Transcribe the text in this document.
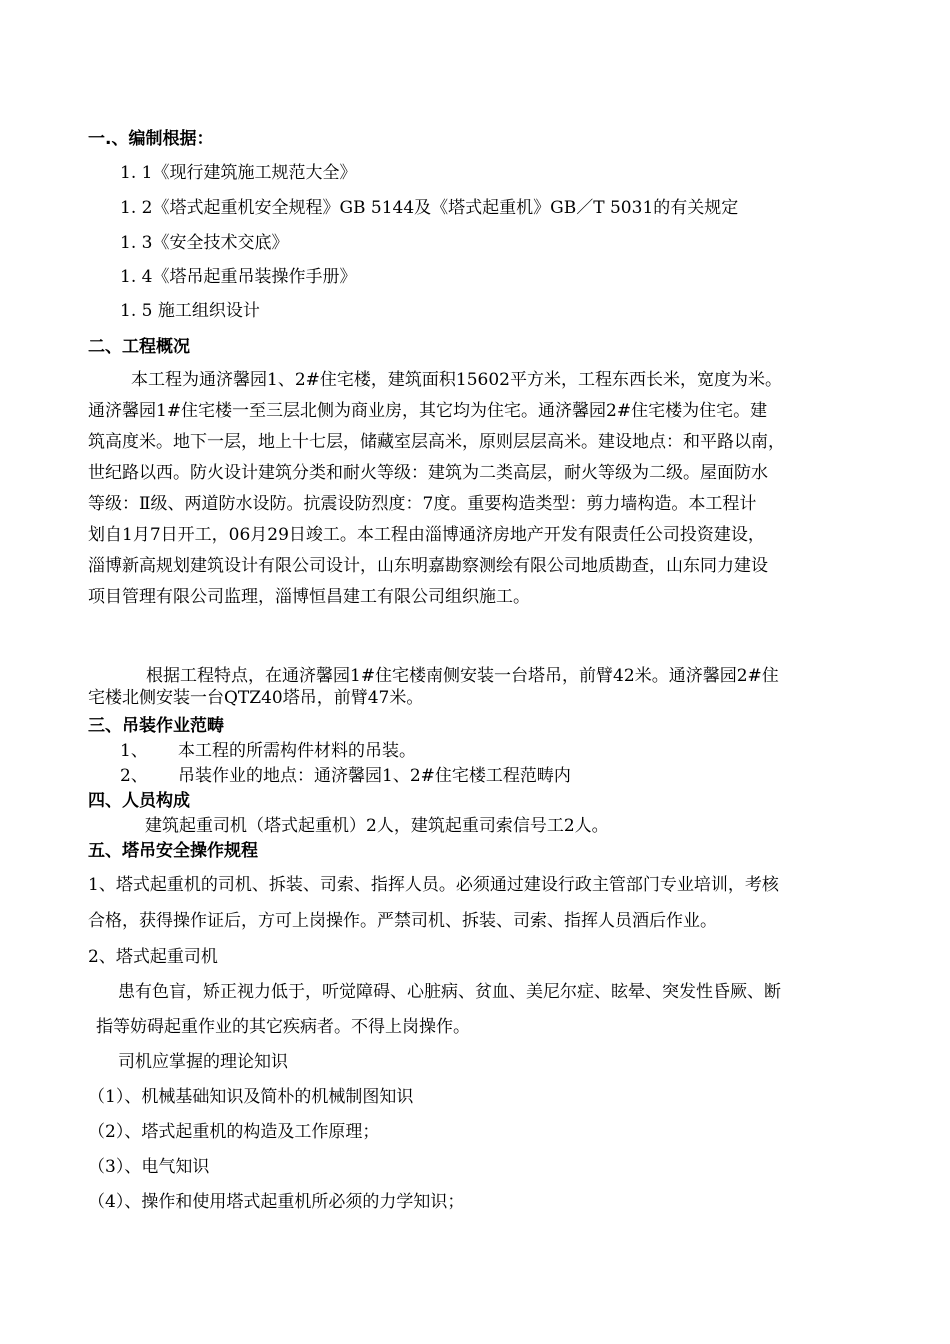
一.、编制根据：
1. 1《现行建筑施工规范大全》
1. 2《塔式起重机安全规程》GB 5144及《塔式起重机》GB／T 5031的有关规定
1. 3《安全技术交底》
1. 4《塔吊起重吊装操作手册》
1. 5 施工组织设计
二、工程概况
本工程为通济馨园1、2#住宅楼，建筑面积15602平方米，工程东西长米，宽度为米。
通济馨园1#住宅楼一至三层北侧为商业房，其它均为住宅。通济馨园2#住宅楼为住宅。建
筑高度米。地下一层，地上十七层，储藏室层高米，原则层层高米。建设地点：和平路以南，
世纪路以西。防火设计建筑分类和耐火等级：建筑为二类高层，耐火等级为二级。屋面防水
等级：Ⅱ级、两道防水设防。抗震设防烈度：7度。重要构造类型：剪力墙构造。本工程计
划自1月7日开工，06月29日竣工。本工程由淄博通济房地产开发有限责任公司投资建设，
淄博新高规划建筑设计有限公司设计，山东明嘉勘察测绘有限公司地质勘查，山东同力建设
项目管理有限公司监理，淄博恒昌建工有限公司组织施工。
根据工程特点，在通济馨园1#住宅楼南侧安装一台塔吊，前臂42米。通济馨园2#住
宅楼北侧安装一台QTZ40塔吊，前臂47米。
三、吊装作业范畴
1、 本工程的所需构件材料的吊装。
2、 吊装作业的地点：通济馨园1、2#住宅楼工程范畴内
四、人员构成
建筑起重司机（塔式起重机）2人，建筑起重司索信号工2人。
五、塔吊安全操作规程
1、塔式起重机的司机、拆装、司索、指挥人员。必须通过建设行政主管部门专业培训，考核
合格，获得操作证后，方可上岗操作。严禁司机、拆装、司索、指挥人员酒后作业。
2、塔式起重司机
患有色盲，矫正视力低于，听觉障碍、心脏病、贫血、美尼尔症、眩晕、突发性昏厥、断
指等妨碍起重作业的其它疾病者。不得上岗操作。
司机应掌握的理论知识
（1）、机械基础知识及简朴的机械制图知识
（2）、塔式起重机的构造及工作原理；
（3）、电气知识
（4）、操作和使用塔式起重机所必须的力学知识；
